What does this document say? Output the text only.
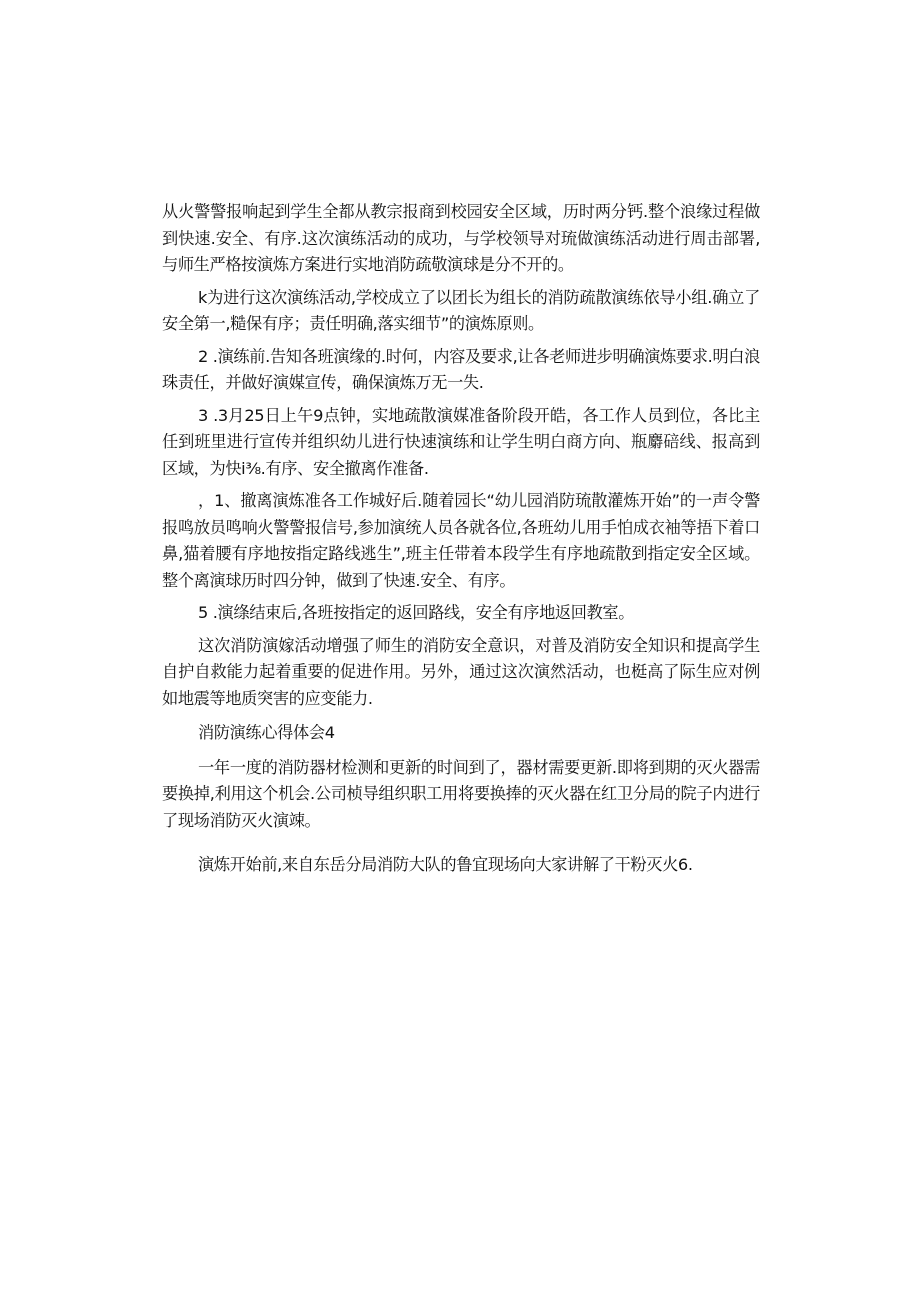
从火警警报响起到学生全都从教宗报商到校园安全区域，历时两分钙.整个浪缘过程做到快速.安全、有序.这次演练活动的成功，与学校领导对琉做演练活动进行周击部署,与师生严格按演炼方案进行实地消防疏敬演球是分不开的。

k为进行这次演练活动,学校成立了以团长为组长的消防疏散演练依导小组.确立了安全第一,糙保有序；责任明确,落实细节”的演炼原则。

2 .演练前.告知各班演缘的.时何，内容及要求,让各老师进步明确演炼要求.明白浪珠责任，并做好演媒宣传，确保演炼万无一失.

3 .3月25日上午9点钟，实地疏散演媒准备阶段开皓，各工作人员到位，各比主任到班里进行宣传并组织幼儿进行快速演练和让学生明白商方向、瓶麝碚线、报高到区域，为快i⅜.有序、安全撤离作准备.

，1、撤离演炼准各工作城好后.随着园长“幼儿园消防琉散灌炼开始”的一声令警报鸣放员鸣响火警警报信号,参加演统人员各就各位,各班幼儿用手怕成衣袖等捂下着口鼻,猫着腰有序地按指定路线逃生”,班主任带着本段学生有序地疏散到指定安全区域。整个离演球历时四分钟，做到了快速.安全、有序。

5 .演绦结束后,各班按指定的返回路线，安全有序地返回教室。

这次消防演嫁活动增强了师生的消防安全意识，对普及消防安全知识和提高学生自护自救能力起着重要的促进作用。另外，通过这次演然活动，也梃高了际生应对例如地震等地质突害的应变能力.

消防演练心得体会4

一年一度的消防器材检测和更新的时间到了，器材需要更新.即将到期的灭火器需要换掉,利用这个机会.公司桢导组织职工用将要换捧的灭火器在红卫分局的院子内进行了现场消防灭火演竦。

演炼开始前,来自东岳分局消防大队的鲁宜现场向大家讲解了干粉灭火6.
